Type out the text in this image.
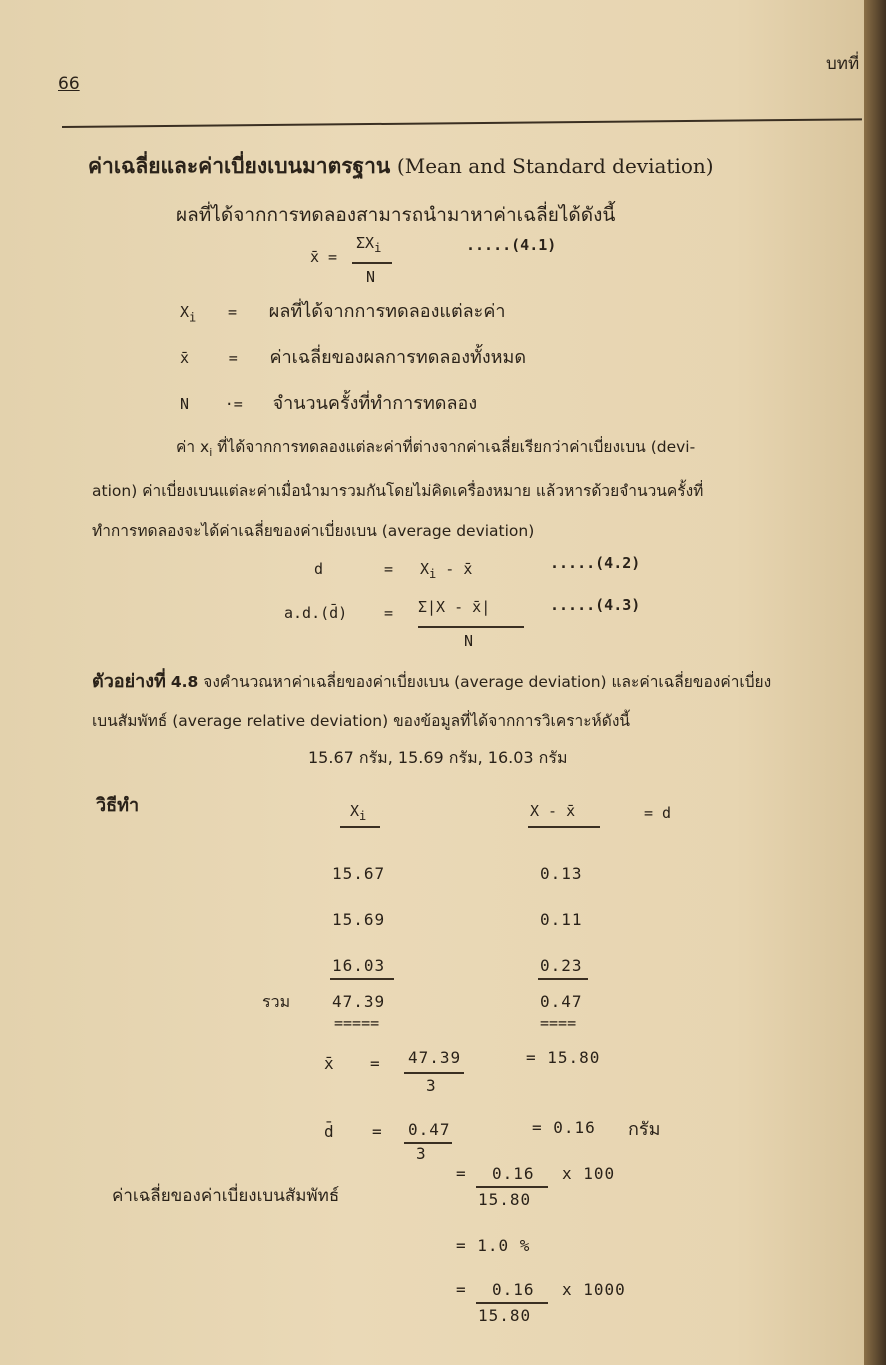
66
บทที่
ค่าเฉลี่ยและค่าเบี่ยงเบนมาตรฐาน (Mean and Standard deviation)
ผลที่ได้จากการทดลองสามารถนำมาหาค่าเฉลี่ยได้ดังนี้
x̄ =
$\Sigma X_i$
N
.....(4.1)
$X_i$ = ผลที่ได้จากการทดลองแต่ละค่า
x̄	= ค่าเฉลี่ยของผลการทดลองทั้งหมด
N ·= จำนวนครั้งที่ทำการทดลอง
ค่า $x_i$ ที่ได้จากการทดลองแต่ละค่าที่ต่างจากค่าเฉลี่ยเรียกว่าค่าเบี่ยงเบน (devi-
ation) ค่าเบี่ยงเบนแต่ละค่าเมื่อนำมารวมกันโดยไม่คิดเครื่องหมาย แล้วหารด้วยจำนวนครั้งที่
ทำการทดลองจะได้ค่าเฉลี่ยของค่าเบี่ยงเบน (average deviation)
d	= $X_i$ - x̄	.....(4.2)
a.d.(d̄) = Σ|X - x̄|
N
.....(4.3)
ตัวอย่างที่ 4.8 จงคำนวณหาค่าเฉลี่ยของค่าเบี่ยงเบน (average deviation) และค่าเฉลี่ยของค่าเบี่ยง
เบนสัมพัทธ์ (average relative deviation) ของข้อมูลที่ได้จากการวิเคราะห์ดังนี้
15.67 กรัม, 15.69 กรัม, 16.03 กรัม
วิธีทำ	$X_i$	X - x̄	= d
15.67	0.13
15.69	0.11
16.03	0.23
รวม	47.39	0.47
=====	====
x̄ = 47.39
3
= 15.80
d̄ = 0.47
3
= 0.16 กรัม
= 0.16
15.80
x 100
ค่าเฉลี่ยของค่าเบี่ยงเบนสัมพัทธ์
= 1.0 %
= 0.16
15.80
x 1000
